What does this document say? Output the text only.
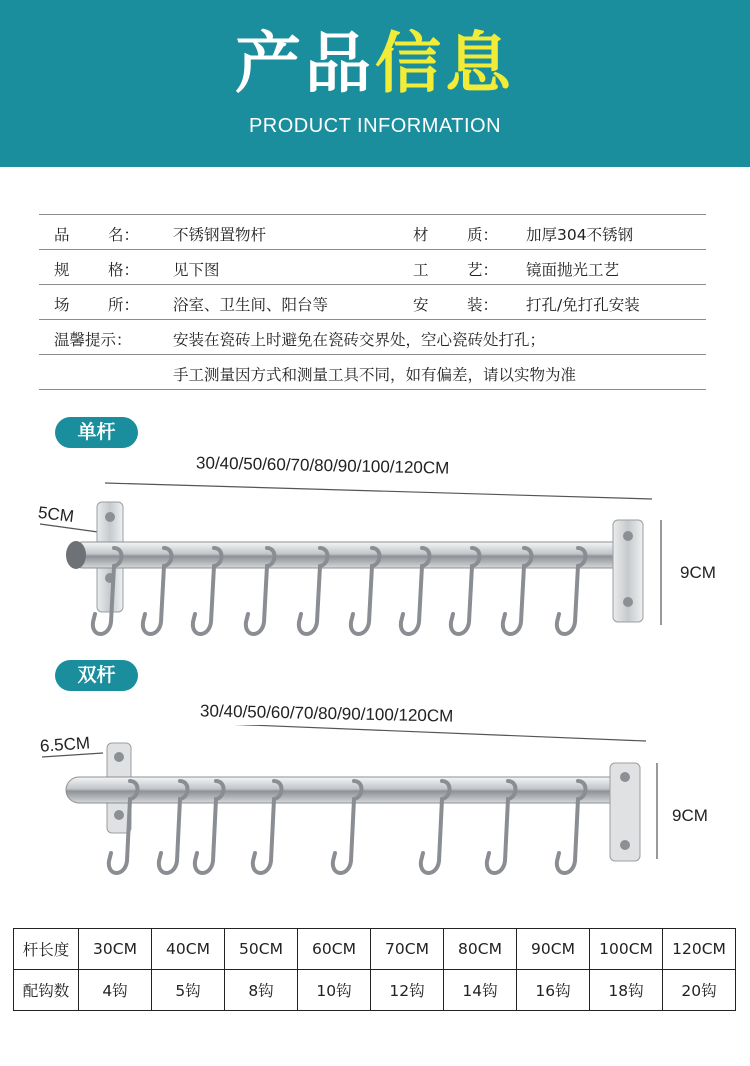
产品信息
PRODUCT INFORMATION
品 名： 不锈钢置物杆	材 质： 加厚304不锈钢
规 格： 见下图	工 艺： 镜面抛光工艺
场 所： 浴室、卫生间、阳台等	安 装： 打孔/免打孔安装
温馨提示：	安装在瓷砖上时避免在瓷砖交界处，空心瓷砖处打孔；
手工测量因方式和测量工具不同，如有偏差，请以实物为准
单杆
30/40/50/60/70/80/90/100/120CM
5CM
9CM
双杆
30/40/50/60/70/80/90/100/120CM
6.5CM
9CM
杆长度	30CM	40CM	50CM	60CM	70CM	80CM	90CM	100CM	120CM
配钩数	4钩	5钩	8钩	10钩	12钩	14钩	16钩	18钩	20钩
